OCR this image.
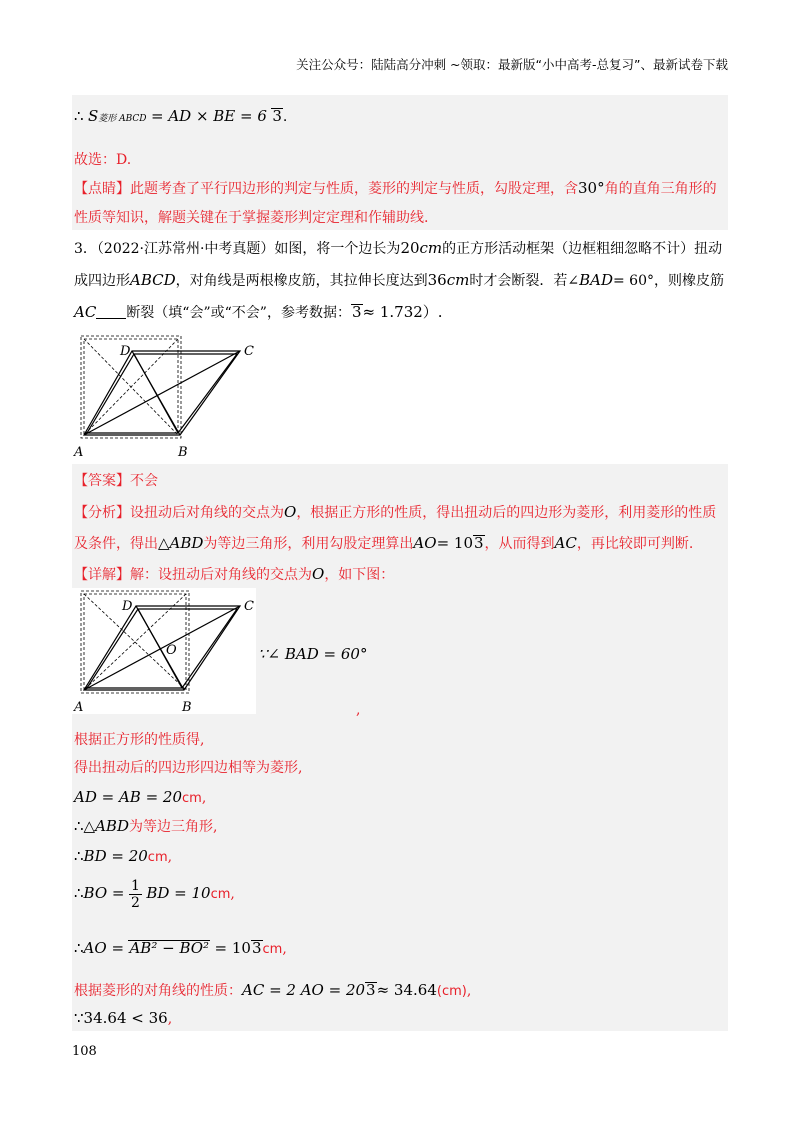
关注公众号：陆陆高分冲刺 ~领取：最新版“小中高考-总复习”、最新试卷下载
∴ S菱形 ABCD = AD × BE = 6 3.
故选：D.
【点睛】此题考查了平行四边形的判定与性质，菱形的判定与性质，勾股定理，含30°角的直角三角形的
性质等知识，解题关键在于掌握菱形判定定理和作辅助线.
3．（2022·江苏常州·中考真题）如图，将一个边长为20cm的正方形活动框架（边框粗细忽略不计）扭动
成四边形ABCD，对角线是两根橡皮筋，其拉伸长度达到36cm时才会断裂．若∠BAD= 60°，则橡皮筋
AC 断裂（填“会”或“不会”，参考数据：3≈ 1.732）.
D	C
A	B
【答案】不会
【分析】设扭动后对角线的交点为O，根据正方形的性质，得出扭动后的四边形为菱形，利用菱形的性质
及条件，得出△ABD为等边三角形，利用勾股定理算出AO= 103，从而得到AC，再比较即可判断.
【详解】解：设扭动后对角线的交点为O，如下图：
D	C
O
A	B
∵∠ BAD = 60°
,
根据正方形的性质得,
得出扭动后的四边形四边相等为菱形,
AD = AB = 20cm,
∴△ABD为等边三角形,
∴BD = 20cm,
∴BO = $\frac{1}{2}$ BD = 10cm,
∴AO = AB² − BO² = 103cm,
根据菱形的对角线的性质：AC = 2 AO = 203≈ 34.64(cm),
∵34.64 < 36,
108
